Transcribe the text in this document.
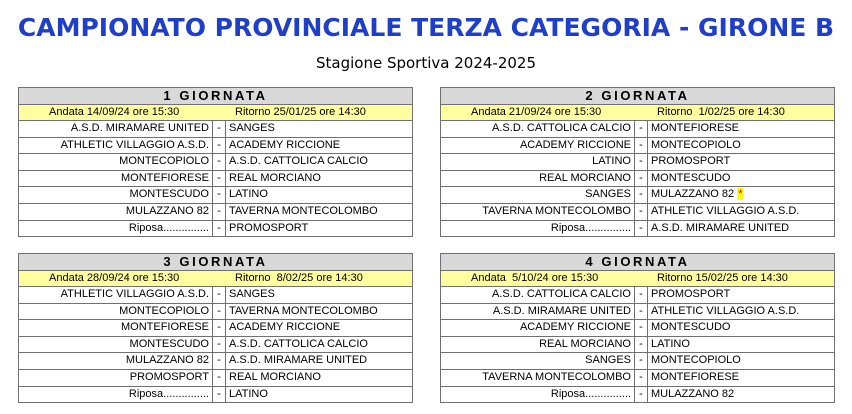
CAMPIONATO PROVINCIALE TERZA CATEGORIA - GIRONE B
Stagione Sportiva 2024-2025
1 GIORNATA
Andata 14/09/24 ore 15:30	Ritorno 25/01/25 ore 14:30
A.S.D. MIRAMARE UNITED - SANGES
ATHLETIC VILLAGGIO A.S.D. - ACADEMY RICCIONE
MONTECOPIOLO - A.S.D. CATTOLICA CALCIO
MONTEFIORESE - REAL MORCIANO
MONTESCUDO - LATINO
MULAZZANO 82 - TAVERNA MONTECOLOMBO
Riposa............... - PROMOSPORT
2 GIORNATA
Andata 21/09/24 ore 15:30	Ritorno  1/02/25 ore 14:30
A.S.D. CATTOLICA CALCIO - MONTEFIORESE
ACADEMY RICCIONE - MONTECOPIOLO
LATINO - PROMOSPORT
REAL MORCIANO - MONTESCUDO
SANGES - MULAZZANO 82 *
TAVERNA MONTECOLOMBO - ATHLETIC VILLAGGIO A.S.D.
Riposa............... - A.S.D. MIRAMARE UNITED
3 GIORNATA
Andata 28/09/24 ore 15:30	Ritorno  8/02/25 ore 14:30
ATHLETIC VILLAGGIO A.S.D. - SANGES
MONTECOPIOLO - TAVERNA MONTECOLOMBO
MONTEFIORESE - ACADEMY RICCIONE
MONTESCUDO - A.S.D. CATTOLICA CALCIO
MULAZZANO 82 - A.S.D. MIRAMARE UNITED
PROMOSPORT - REAL MORCIANO
Riposa............... - LATINO
4 GIORNATA
Andata  5/10/24 ore 15:30	Ritorno 15/02/25 ore 14:30
A.S.D. CATTOLICA CALCIO - PROMOSPORT
A.S.D. MIRAMARE UNITED - ATHLETIC VILLAGGIO A.S.D.
ACADEMY RICCIONE - MONTESCUDO
REAL MORCIANO - LATINO
SANGES - MONTECOPIOLO
TAVERNA MONTECOLOMBO - MONTEFIORESE
Riposa............... - MULAZZANO 82
